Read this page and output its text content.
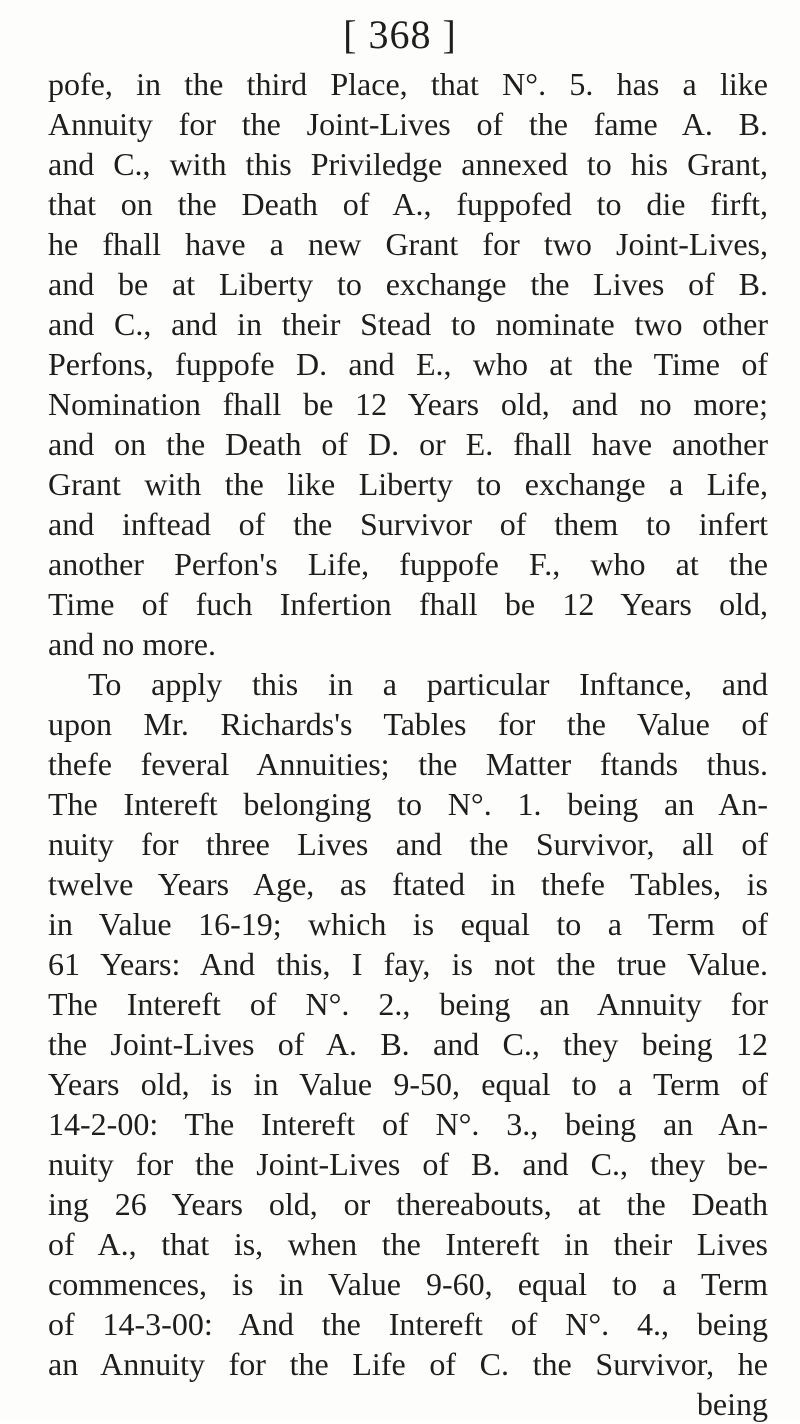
[ 368 ]
pofe, in the third Place, that N°. 5. has a like
Annuity for the Joint-Lives of the fame A. B.
and C., with this Priviledge annexed to his Grant,
that on the Death of A., fuppofed to die firft,
he fhall have a new Grant for two Joint-Lives,
and be at Liberty to exchange the Lives of B.
and C., and in their Stead to nominate two other
Perfons, fuppofe D. and E., who at the Time of
Nomination fhall be 12 Years old, and no more;
and on the Death of D. or E. fhall have another
Grant with the like Liberty to exchange a Life,
and inftead of the Survivor of them to infert
another Perfon's Life, fuppofe F., who at the
Time of fuch Infertion fhall be 12 Years old,
and no more.
To apply this in a particular Inftance, and
upon Mr. Richards's Tables for the Value of
thefe feveral Annuities; the Matter ftands thus.
The Intereft belonging to N°. 1. being an An-
nuity for three Lives and the Survivor, all of
twelve Years Age, as ftated in thefe Tables, is
in Value 16-19; which is equal to a Term of
61 Years: And this, I fay, is not the true Value.
The Intereft of N°. 2., being an Annuity for
the Joint-Lives of A. B. and C., they being 12
Years old, is in Value 9-50, equal to a Term of
14-2-00: The Intereft of N°. 3., being an An-
nuity for the Joint-Lives of B. and C., they be-
ing 26 Years old, or thereabouts, at the Death
of A., that is, when the Intereft in their Lives
commences, is in Value 9-60, equal to a Term
of 14-3-00: And the Intereft of N°. 4., being
an Annuity for the Life of C. the Survivor, he
being
